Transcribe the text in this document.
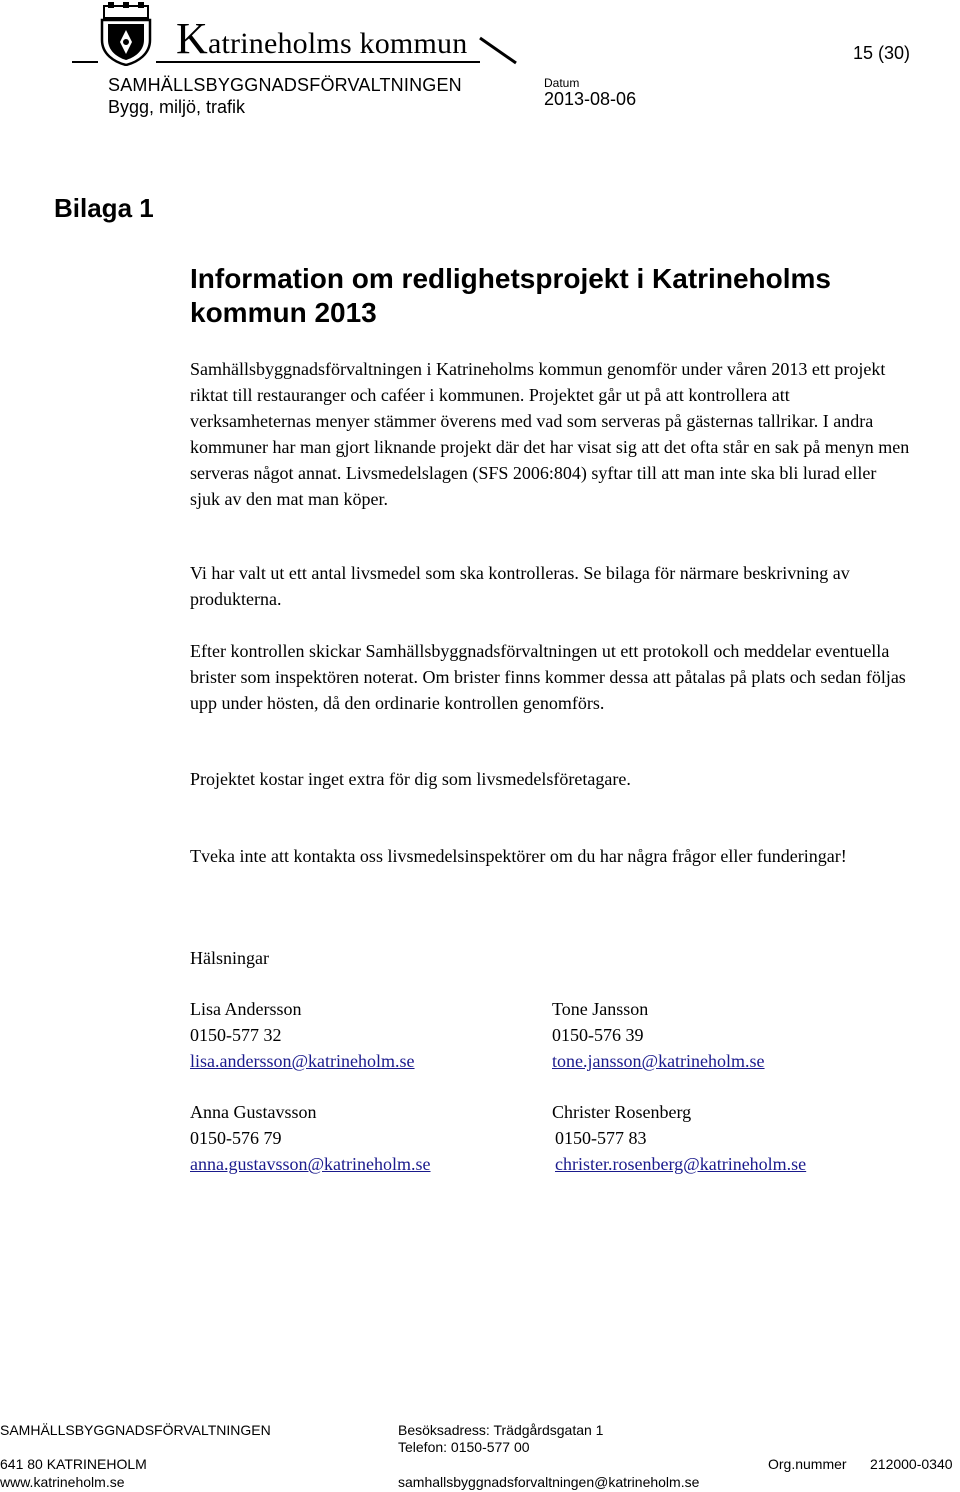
Katrineholms kommun
SAMHÄLLSBYGGNADSFÖRVALTNINGEN
Bygg, miljö, trafik
Datum
2013-08-06
15 (30)
Bilaga 1
Information om redlighetsprojekt i Katrineholms kommun 2013
Samhällsbyggnadsförvaltningen i Katrineholms kommun genomför under våren 2013 ett projekt riktat till restauranger och caféer i kommunen. Projektet går ut på att kontrollera att verksamheternas menyer stämmer överens med vad som serveras på gästernas tallrikar. I andra kommuner har man gjort liknande projekt där det har visat sig att det ofta står en sak på menyn men serveras något annat. Livsmedelslagen (SFS 2006:804) syftar till att man inte ska bli lurad eller sjuk av den mat man köper.
Vi har valt ut ett antal livsmedel som ska kontrolleras. Se bilaga för närmare beskrivning av produkterna.
Efter kontrollen skickar Samhällsbyggnadsförvaltningen ut ett protokoll och meddelar eventuella brister som inspektören noterat. Om brister finns kommer dessa att påtalas på plats och sedan följas upp under hösten, då den ordinarie kontrollen genomförs.
Projektet kostar inget extra för dig som livsmedelsföretagare.
Tveka inte att kontakta oss livsmedelsinspektörer om du har några frågor eller funderingar!
Hälsningar
Lisa Andersson
0150-577 32
lisa.andersson@katrineholm.se
Tone Jansson
0150-576 39
tone.jansson@katrineholm.se
Anna Gustavsson
0150-576 79
anna.gustavsson@katrineholm.se
Christer Rosenberg
0150-577 83
christer.rosenberg@katrineholm.se
SAMHÄLLSBYGGNADSFÖRVALTNINGEN
641 80 KATRINEHOLM
www.katrineholm.se
Besöksadress: Trädgårdsgatan 1
Telefon: 0150-577 00
samhallsbyggnadsforvaltningen@katrineholm.se
Org.nummer 212000-0340
